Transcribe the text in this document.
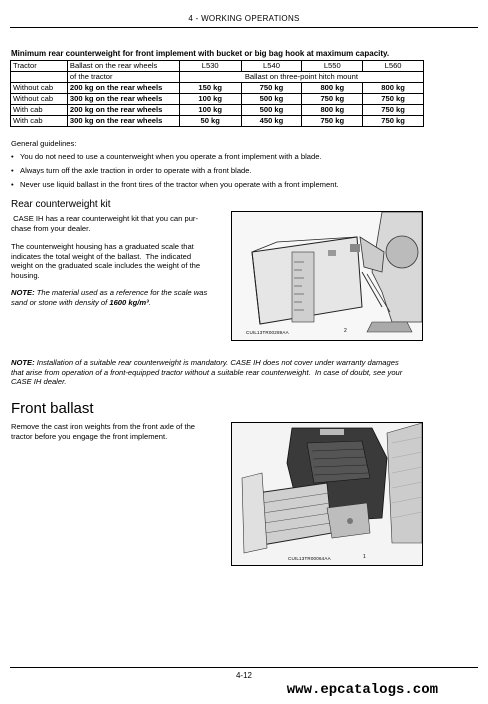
4 - WORKING OPERATIONS
Minimum rear counterweight for front implement with bucket or big bag hook at maximum capacity.
Tractor	Ballast on the rear wheels	L530	L540	L550	L560
	of the tractor	Ballast on three-point hitch mount			
Without cab	200 kg on the rear wheels	150 kg	750 kg	800 kg	800 kg
Without cab	300 kg on the rear wheels	100 kg	500 kg	750 kg	750 kg
With cab	200 kg on the rear wheels	100 kg	500 kg	800 kg	750 kg
With cab	300 kg on the rear wheels	50 kg	450 kg	750 kg	750 kg
General guidelines:
• You do not need to use a counterweight when you operate a front implement with a blade.
• Always turn off the axle traction in order to operate with a front blade.
• Never use liquid ballast in the front tires of the tractor when you operate with a front implement.
Rear counterweight kit
CASE IH has a rear counterweight kit that you can pur-
chase from your dealer.
The counterweight housing has a graduated scale that
indicates the total weight of the ballast.  The indicated
weight on the graduated scale includes the weight of the
housing.
NOTE: The material used as a reference for the scale was
sand or stone with density of 1600 kg/m³.
CUIL13TR00289AA	2
NOTE: Installation of a suitable rear counterweight is mandatory. CASE IH does not cover under warranty damages
that arise from operation of a front-equipped tractor without a suitable rear counterweight.  In case of doubt, see your
CASE IH dealer.
Front ballast
Remove the cast iron weights from the front axle of the
tractor before you engage the front implement.
CUIL13TR00064AA	1
4-12
www.epcatalogs.com
